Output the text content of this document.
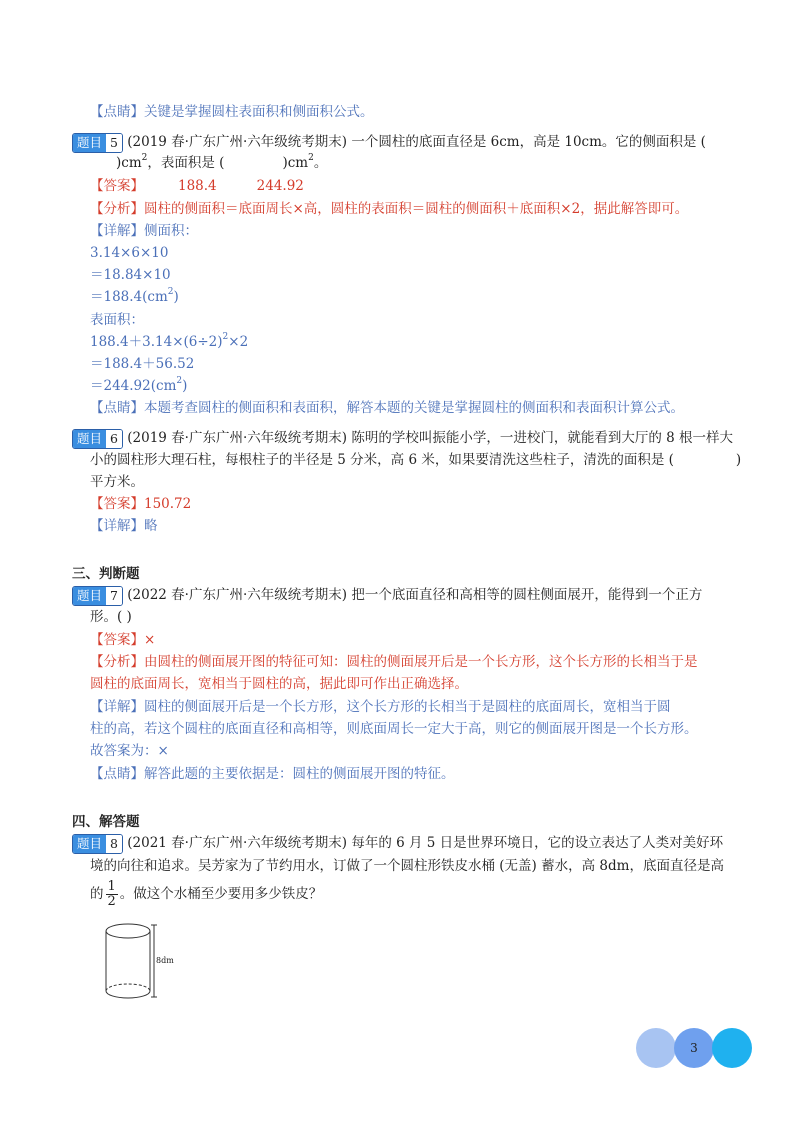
【点睛】关键是掌握圆柱表面积和侧面积公式。
题目 5 (2019 春·广东广州·六年级统考期末) 一个圆柱的底面直径是 6cm，高是 10cm。它的侧面积是 (
)$cm^2$，表面积是 (	)$cm^2$。
【答案】	188.4	244.92
【分析】圆柱的侧面积＝底面周长×高，圆柱的表面积＝圆柱的侧面积＋底面积×2，据此解答即可。
【详解】侧面积：
3.14×6×10
＝18.84×10
$=188.4(cm^2)$
表面积：
$188.4+3.14\times(6\div 2)^2\times 2$
＝188.4＋56.52
$=244.92(cm^2)$
【点睛】本题考查圆柱的侧面积和表面积，解答本题的关键是掌握圆柱的侧面积和表面积计算公式。
题目 6 (2019 春·广东广州·六年级统考期末) 陈明的学校叫振能小学，一进校门，就能看到大厅的 8 根一样大
小的圆柱形大理石柱，每根柱子的半径是 5 分米，高 6 米，如果要清洗这些柱子，清洗的面积是 (	)
平方米。
【答案】150.72
【详解】略
三、判断题
题目 7 (2022 春·广东广州·六年级统考期末) 把一个底面直径和高相等的圆柱侧面展开，能得到一个正方
形。( )
【答案】×
【分析】由圆柱的侧面展开图的特征可知：圆柱的侧面展开后是一个长方形，这个长方形的长相当于是
圆柱的底面周长，宽相当于圆柱的高，据此即可作出正确选择。
【详解】圆柱的侧面展开后是一个长方形，这个长方形的长相当于是圆柱的底面周长，宽相当于圆
柱的高，若这个圆柱的底面直径和高相等，则底面周长一定大于高，则它的侧面展开图是一个长方形。
故答案为：×
【点睛】解答此题的主要依据是：圆柱的侧面展开图的特征。
四、解答题
题目 8 (2021 春·广东广州·六年级统考期末) 每年的 6 月 5 日是世界环境日，它的设立表达了人类对美好环
境的向往和追求。吴芳家为了节约用水，订做了一个圆柱形铁皮水桶 (无盖) 蓄水，高 8dm，底面直径是高
的 $\frac{1}{2}$ 。做这个水桶至少要用多少铁皮？
8dm
3
